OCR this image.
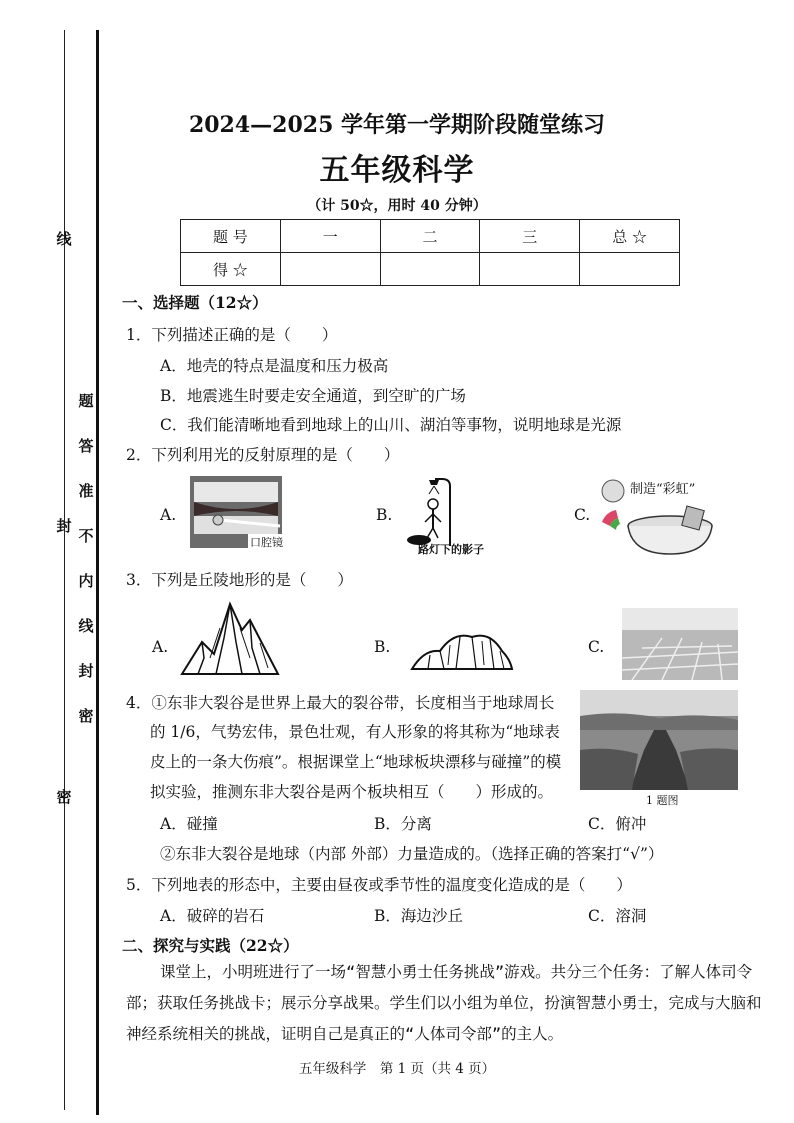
线
封
密
题
答
准
不
内
线
封
密
2024—2025 学年第一学期阶段随堂练习
五年级科学
（计 50☆，用时 40 分钟）
题 号	一	二	三	总 ☆
得 ☆				
一、选择题（12☆）
1．下列描述正确的是（　　）
A．地壳的特点是温度和压力极高
B．地震逃生时要走安全通道，到空旷的广场
C．我们能清晰地看到地球上的山川、湖泊等事物，说明地球是光源
2．下列利用光的反射原理的是（　　）
A.
口腔镜
B.
路灯下的影子
C.
制造“彩虹”
3．下列是丘陵地形的是（　　）
A.	B.	C.
4．①东非大裂谷是世界上最大的裂谷带，长度相当于地球周长
的 1/6，气势宏伟，景色壮观，有人形象的将其称为“地球表
皮上的一条大伤痕”。根据课堂上“地球板块漂移与碰撞”的模
拟实验，推测东非大裂谷是两个板块相互（　　）形成的。	1 题图
A．碰撞	B．分离	C．俯冲
②东非大裂谷是地球（内部 外部）力量造成的。（选择正确的答案打“√”）
5．下列地表的形态中，主要由昼夜或季节性的温度变化造成的是（　　）
A．破碎的岩石	B．海边沙丘	C．溶洞
二、探究与实践（22☆）
课堂上，小明班进行了一场“智慧小勇士任务挑战”游戏。共分三个任务：了解人体司令部；获取任务挑战卡；展示分享战果。学生们以小组为单位，扮演智慧小勇士，完成与大脑和神经系统相关的挑战，证明自己是真正的“人体司令部”的主人。
五年级科学　第 1 页（共 4 页）
